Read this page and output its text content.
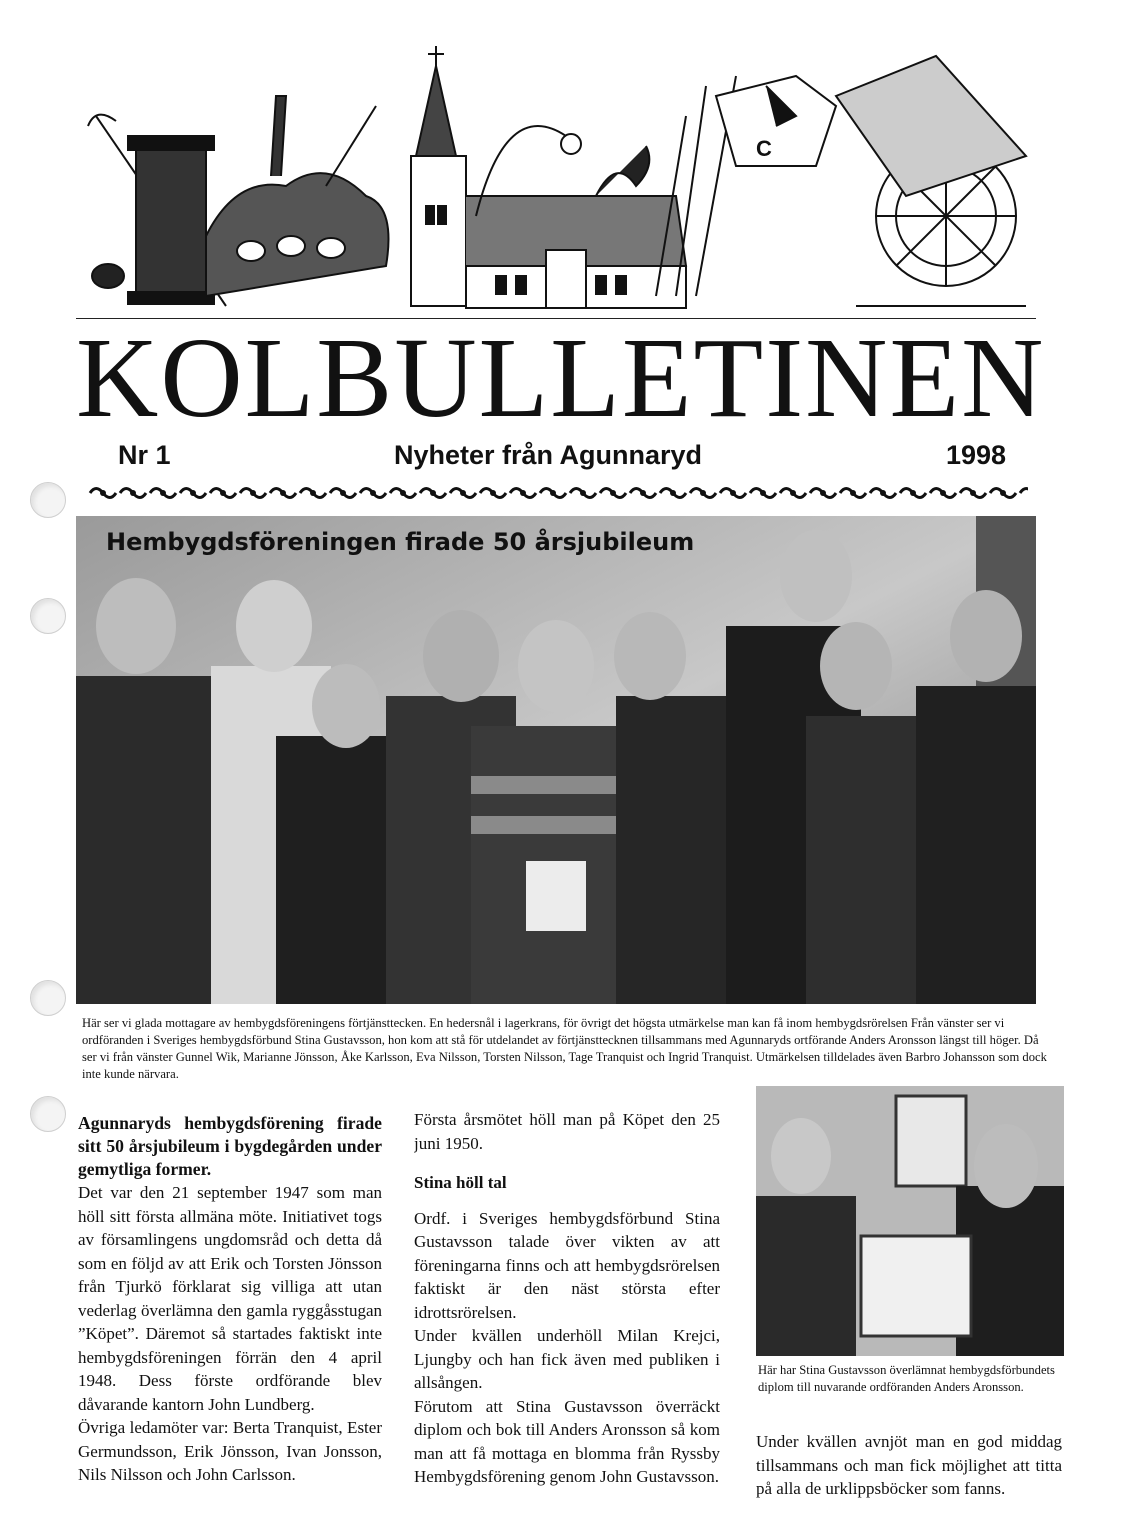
C
KOLBULLETINEN
Nr 1	Nyheter från Agunnaryd	1998
Hembygdsföreningen firade 50 årsjubileum
Här ser vi glada mottagare av hembygdsföreningens förtjänsttecken. En hedersnål i lagerkrans, för övrigt det högsta utmärkelse man kan få inom hembygdsrörelsen Från vänster ser vi ordföranden i Sveriges hembygdsförbund Stina Gustavsson, hon kom att stå för utdelandet av förtjänsttecknen tillsammans med Agunnaryds ortförande Anders Aronsson längst till höger. Då ser vi från vänster Gunnel Wik, Marianne Jönsson, Åke Karlsson, Eva Nilsson, Torsten Nilsson, Tage Tranquist och Ingrid Tranquist. Utmärkelsen tilldelades även Barbro Johansson som dock inte kunde närvara.

Agunnaryds hembygdsförening firade sitt 50 årsjubileum i bygdegården under gemytliga former.

Det var den 21 september 1947 som man höll sitt första allmäna möte. Initiativet togs av församlingens ungdomsråd och detta då som en följd av att Erik och Torsten Jönsson från Tjurkö förklarat sig villiga att utan vederlag överlämna den gamla ryggåsstugan ”Köpet”. Däremot så startades faktiskt inte hembygdsföreningen förrän den 4 april 1948. Dess förste ordförande blev dåvarande kantorn John Lundberg.

Övriga ledamöter var: Berta Tranquist, Ester Germundsson, Erik Jönsson, Ivan Jonsson, Nils Nilsson och John Carlsson.

Första årsmötet höll man på Köpet den 25 juni 1950.

Stina höll tal

Ordf. i Sveriges hembygdsförbund Stina Gustavsson talade över vikten av att föreningarna finns och att hembygdsrörelsen faktiskt är den näst största efter idrottsrörelsen.

Under kvällen underhöll Milan Krejci, Ljungby och han fick även med publiken i allsången.

Förutom att Stina Gustavsson överräckt diplom och bok till Anders Aronsson så kom man att få mottaga en blomma från Ryssby Hembygdsförening genom John Gustavsson.

Här har Stina Gustavsson överlämnat hembygdsförbundets diplom till nuvarande ordföranden Anders Aronsson.

Under kvällen avnjöt man en god middag tillsammans och man fick möjlighet att titta på alla de urklippsböcker som fanns.
